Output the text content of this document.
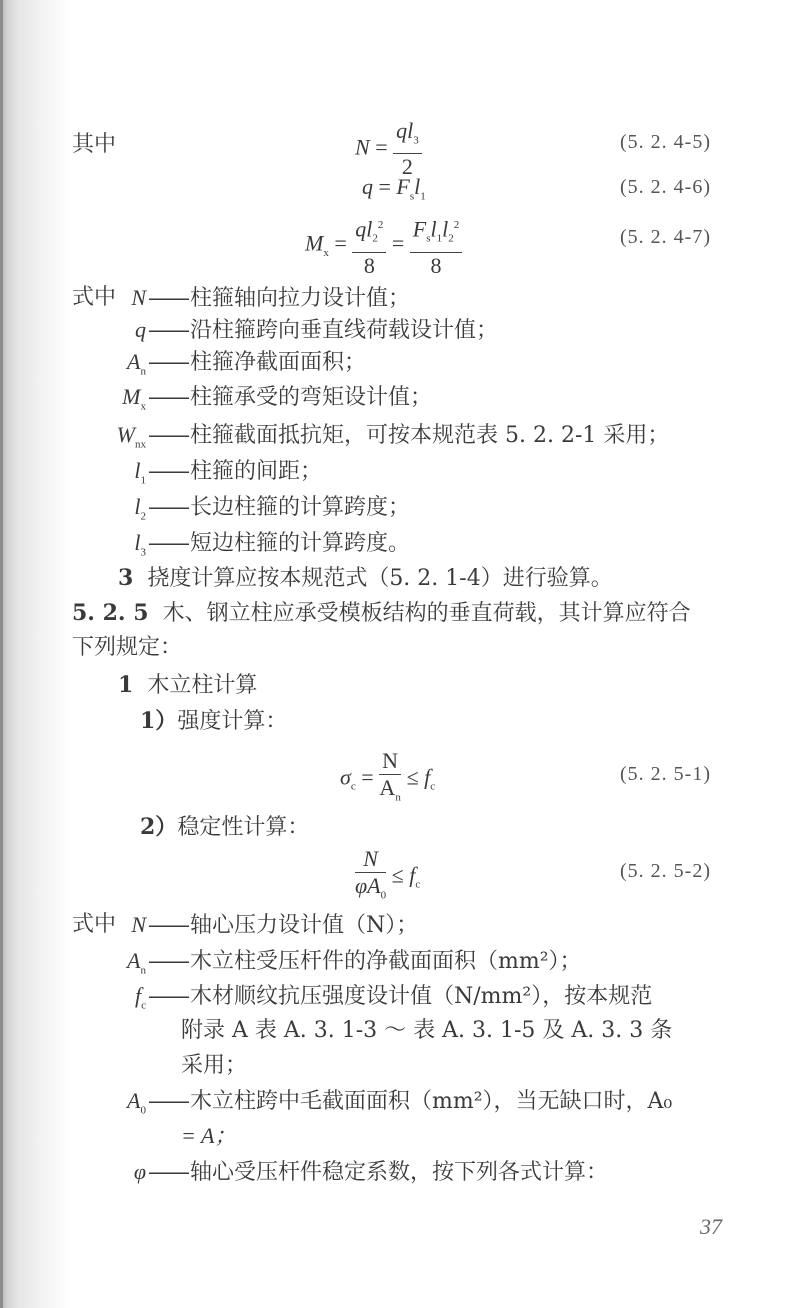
其中	$N = \frac{ql_3}{2}$	(5. 2. 4-5)
$q = F_sl_1$	(5. 2. 4-6)
$M_x = \frac{ql_2^2}{8} = \frac{F_sl_1l_2^2}{8}$	(5. 2. 4-7)
式中 N——柱箍轴向拉力设计值；
q——沿柱箍跨向垂直线荷载设计值；
$A_n——$柱箍净截面面积；
$M_x——$柱箍承受的弯矩设计值；
$W_{nx}——$柱箍截面抵抗矩，可按本规范表 5. 2. 2-1 采用；
$l_1——$柱箍的间距；
$l_2——$长边柱箍的计算跨度；
$l_3——$短边柱箍的计算跨度。
3 挠度计算应按本规范式（5. 2. 1-4）进行验算。
5. 2. 5 木、钢立柱应承受模板结构的垂直荷载，其计算应符合
下列规定：
1 木立柱计算
1）强度计算：
$\sigma_c = \frac{N}{A_n} \le f_c$
(5. 2. 5-1)
2）稳定性计算：
$\frac{N}{\varphi A_0} \le f_c$
(5. 2. 5-2)
式中 N——轴心压力设计值（N）；
$A_n——$木立柱受压杆件的净截面面积（mm²）；
$f_c——$木材顺纹抗压强度设计值（N/mm²），按本规范
附录 A 表 A. 3. 1-3 ～ 表 A. 3. 1-5 及 A. 3. 3 条
采用；
$A_0——$木立柱跨中毛截面面积（mm²），当无缺口时，A₀
= A；
φ——轴心受压杆件稳定系数，按下列各式计算：
37
